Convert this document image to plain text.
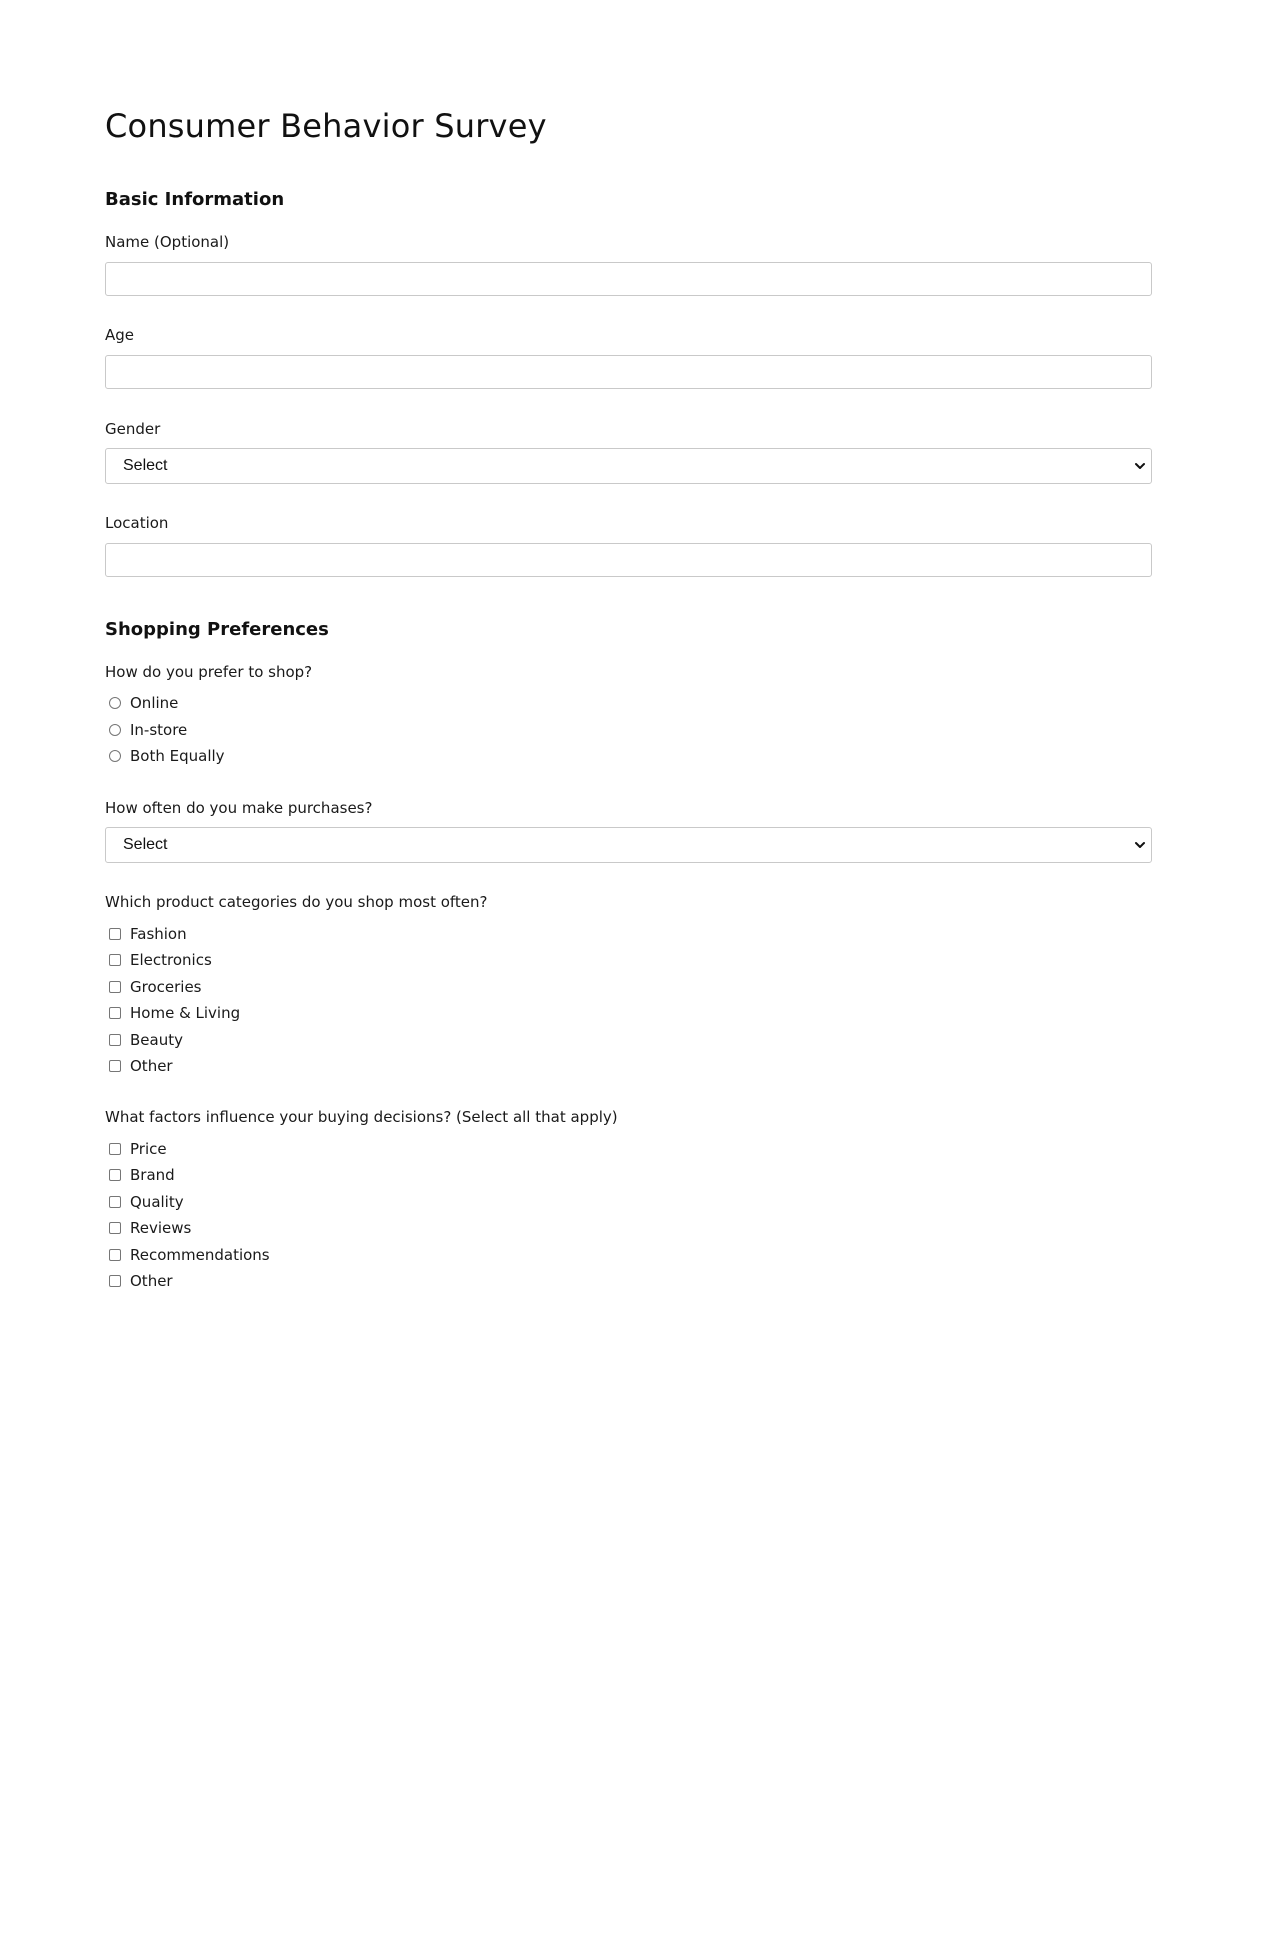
Consumer Behavior Survey
Basic Information
Name (Optional)
Age
Gender
Select
Location
Shopping Preferences
How do you prefer to shop?
Online
In-store
Both Equally
How often do you make purchases?
Select
Which product categories do you shop most often?
Fashion
Electronics
Groceries
Home & Living
Beauty
Other
What factors influence your buying decisions? (Select all that apply)
Price
Brand
Quality
Reviews
Recommendations
Other
